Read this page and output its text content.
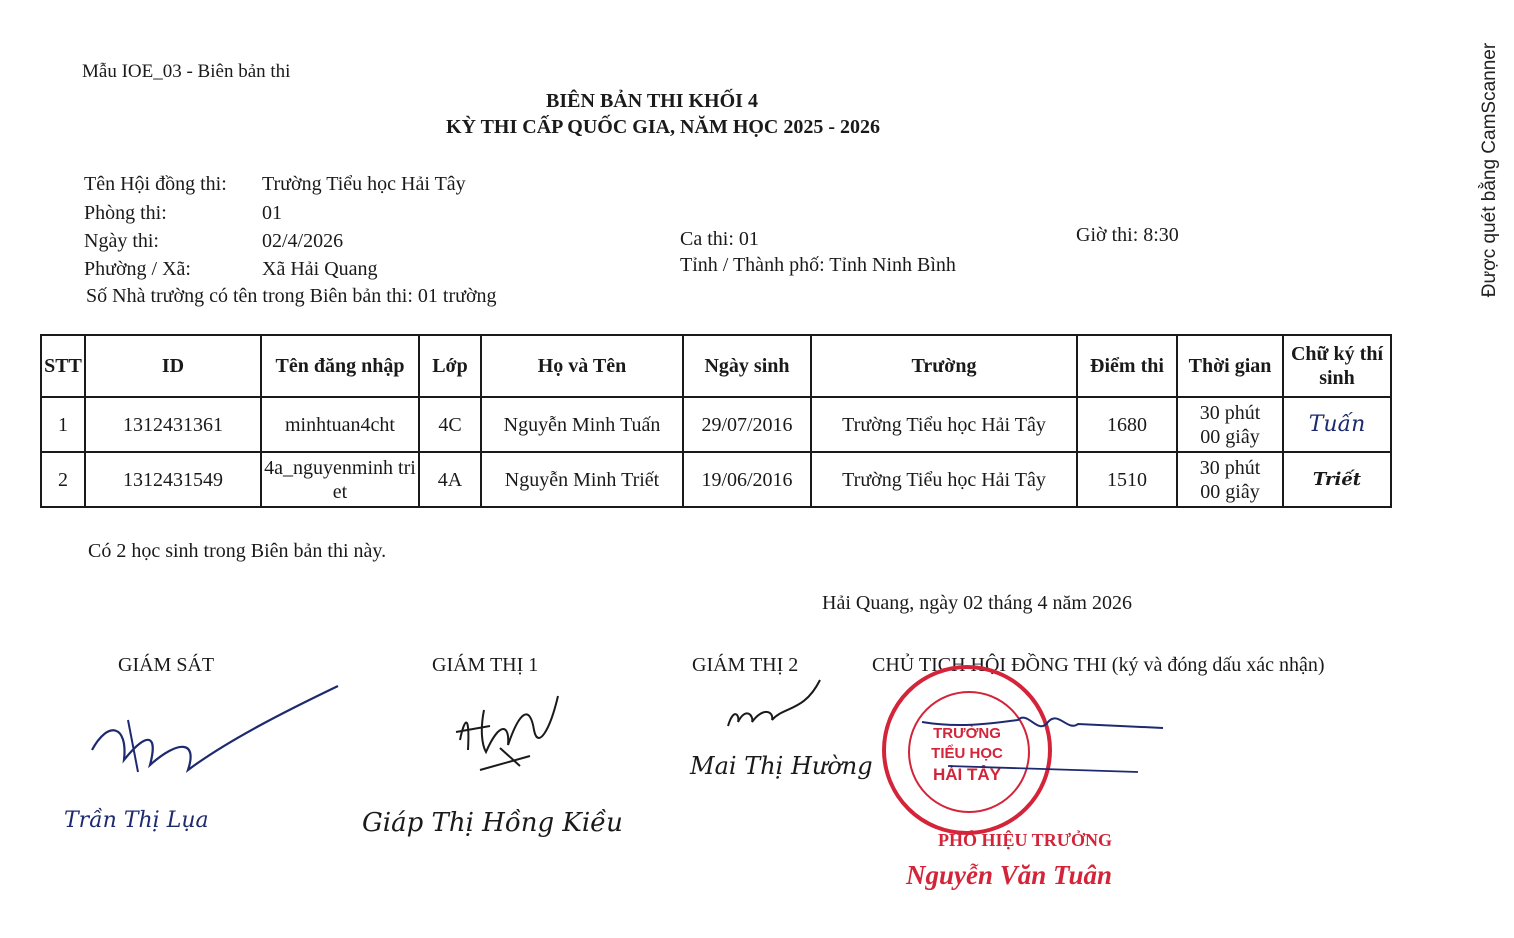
Mẫu IOE_03 - Biên bản thi
BIÊN BẢN THI KHỐI 4
KỲ THI CẤP QUỐC GIA, NĂM HỌC 2025 - 2026	Được quét bằng CamScanner
Tên Hội đồng thi: Trường Tiểu học Hải Tây
Phòng thi:	01
Ngày thi:	02/4/2026
Phường / Xã:	Xã Hải Quang
Ca thi: 01
Tỉnh / Thành phố: Tỉnh Ninh Bình
Giờ thi: 8:30
Số Nhà trường có tên trong Biên bản thi: 01 trường
STT	ID	Tên đăng nhập	Lớp	Họ và Tên	Ngày sinh	Trường	Điểm thi	Thời gian	Chữ ký thí sinh
1	1312431361	minhtuan4cht	4C	Nguyễn Minh Tuấn	29/07/2016	Trường Tiểu học Hải Tây	1680	30 phút 00 giây	Tuấn
2	1312431549	4a_nguyenminh triet	4A	Nguyễn Minh Triết	19/06/2016	Trường Tiểu học Hải Tây	1510	30 phút 00 giây	Triết
Có 2 học sinh trong Biên bản thi này.
Hải Quang, ngày 02 tháng 4 năm 2026
GIÁM SÁT	GIÁM THỊ 1	GIÁM THỊ 2	CHỦ TỊCH HỘI ĐỒNG THI (ký và đóng dấu xác nhận)
Trần Thị Lụa	Giáp Thị Hồng Kiều
Mai Thị Hường
TRƯỜNG
TIỂU HỌC
HẢI TÂY
PHÓ HIỆU TRƯỞNG
Nguyễn Văn Tuân
